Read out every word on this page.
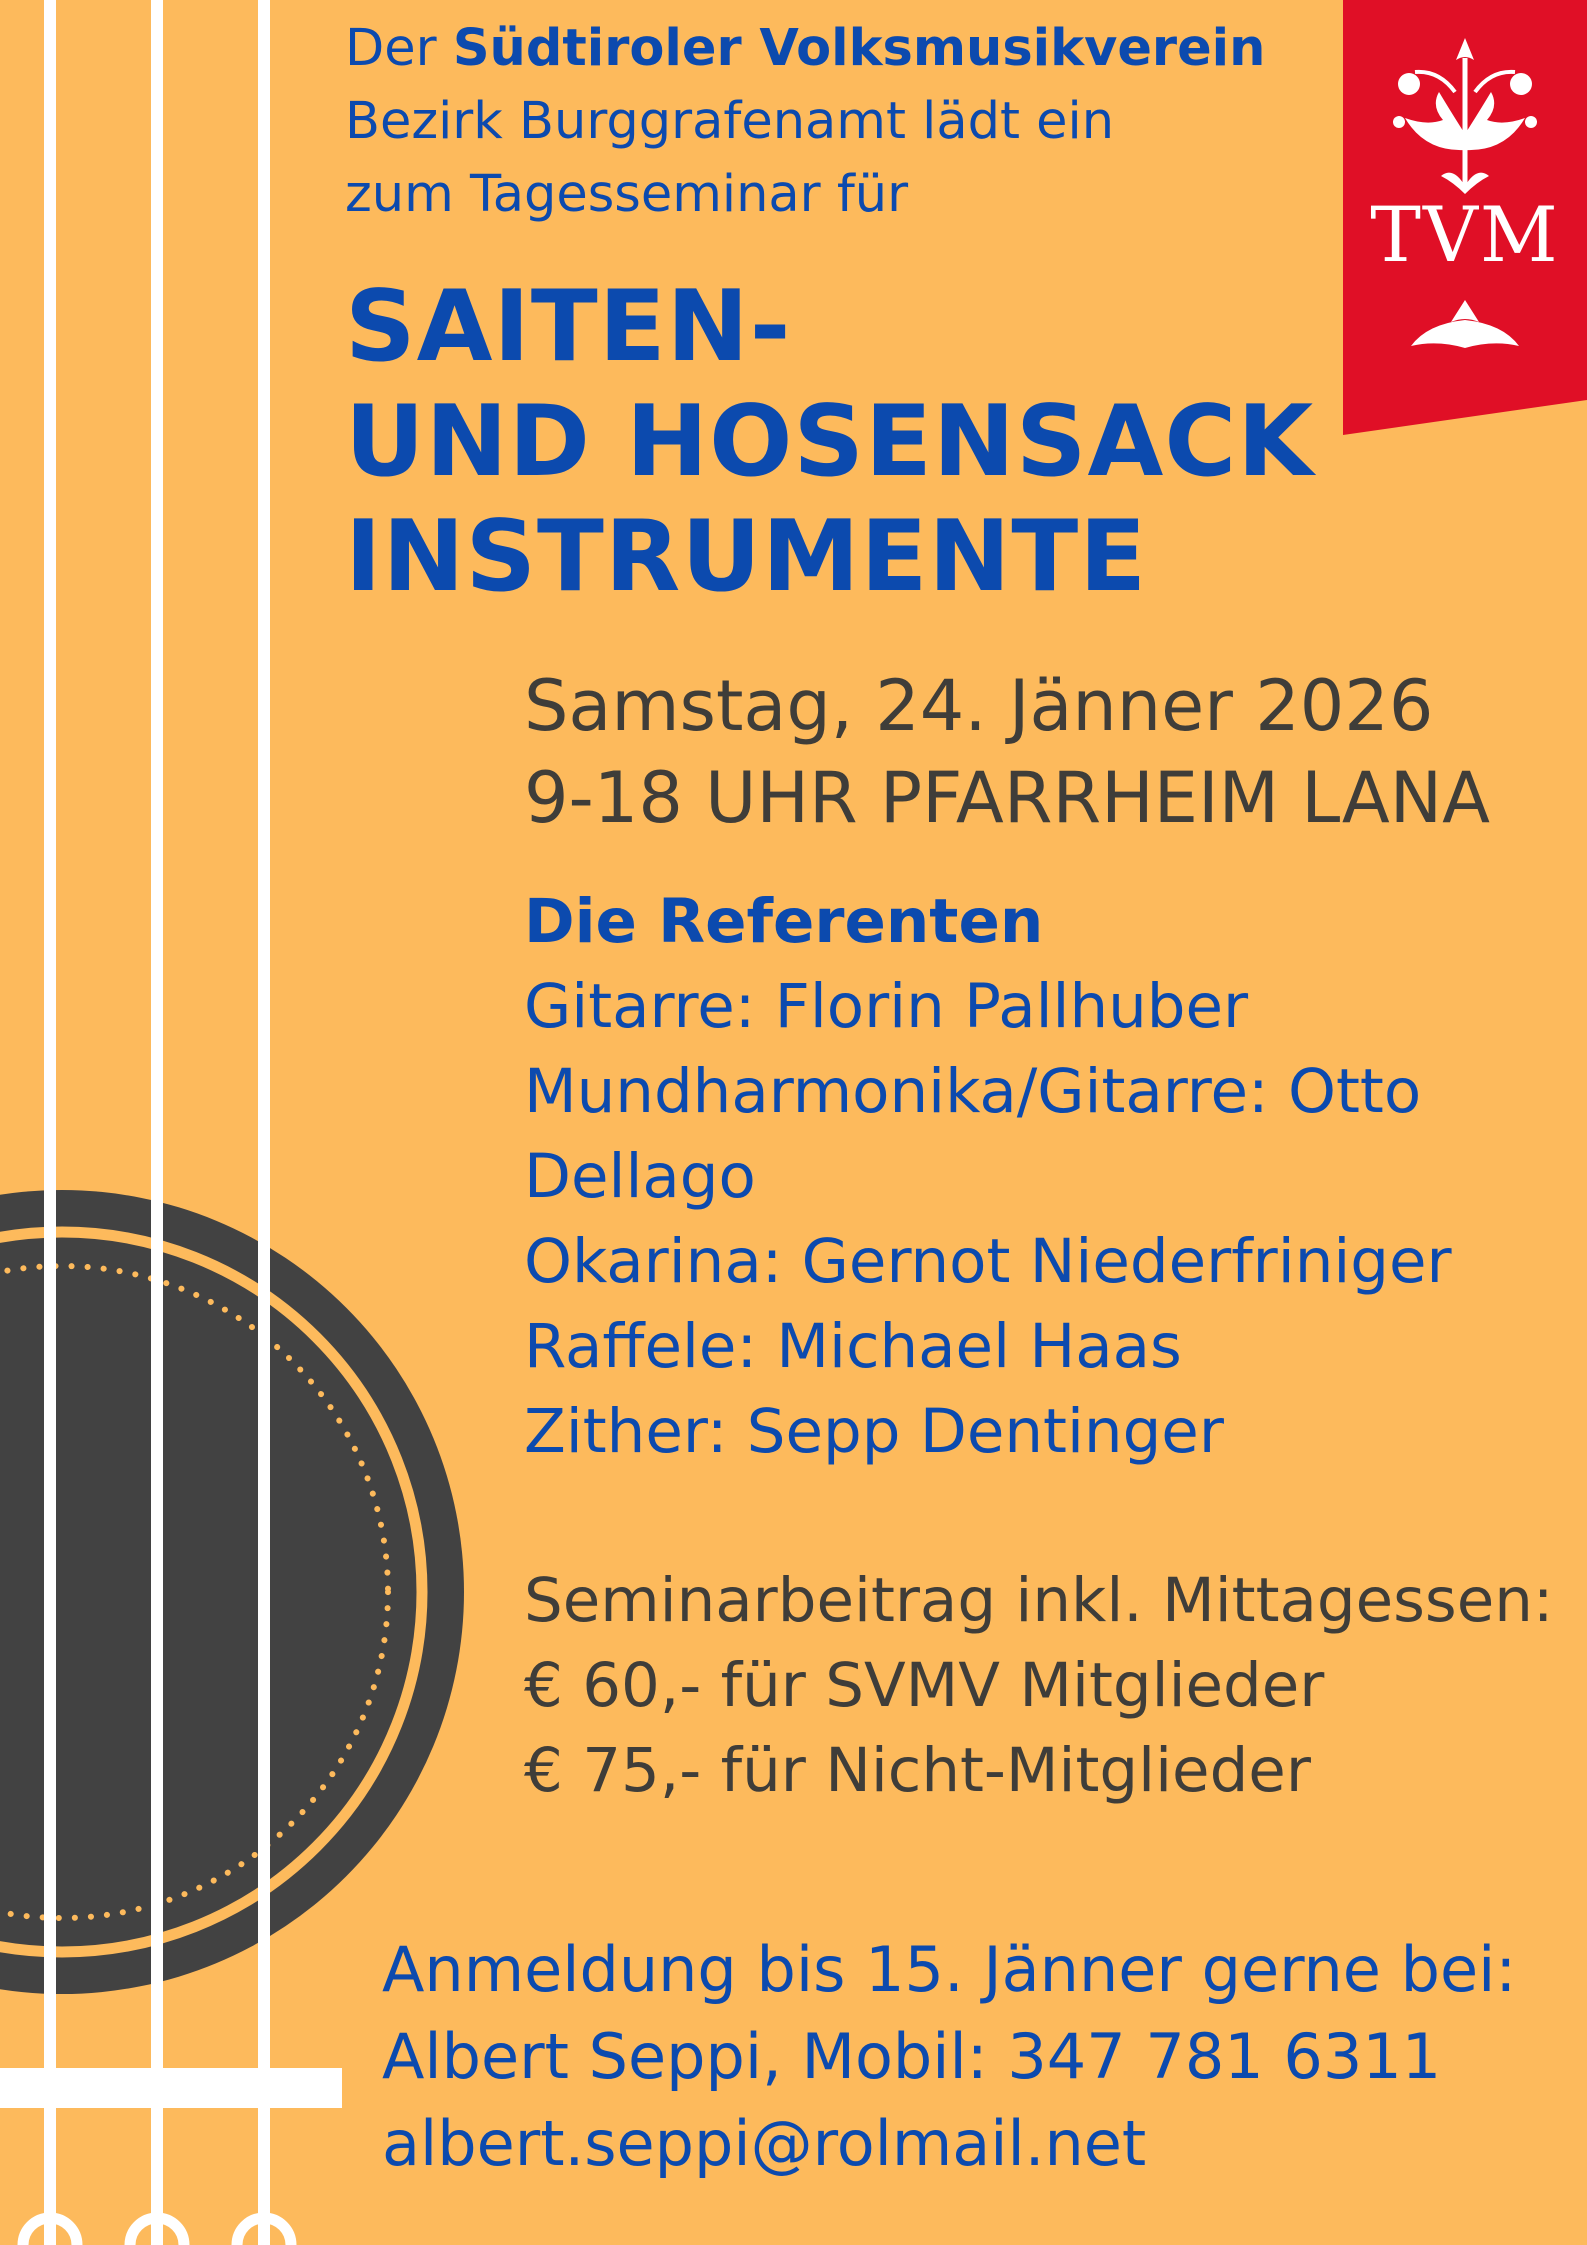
TVM
Der Südtiroler Volksmusikverein
Bezirk Burggrafenamt lädt ein
zum Tagesseminar für
SAITEN-
UND HOSENSACK
INSTRUMENTE
Samstag, 24. Jänner 2026
9-18 UHR PFARRHEIM LANA
Die Referenten
Gitarre: Florin Pallhuber
Mundharmonika/Gitarre: Otto Dellago
Okarina: Gernot Niederfriniger
Raffele: Michael Haas
Zither: Sepp Dentinger
Seminarbeitrag inkl. Mittagessen:
€ 60,- für SVMV Mitglieder
€ 75,- für Nicht-Mitglieder
Anmeldung bis 15. Jänner gerne bei:
Albert Seppi, Mobil: 347 781 6311
albert.seppi@rolmail.net
